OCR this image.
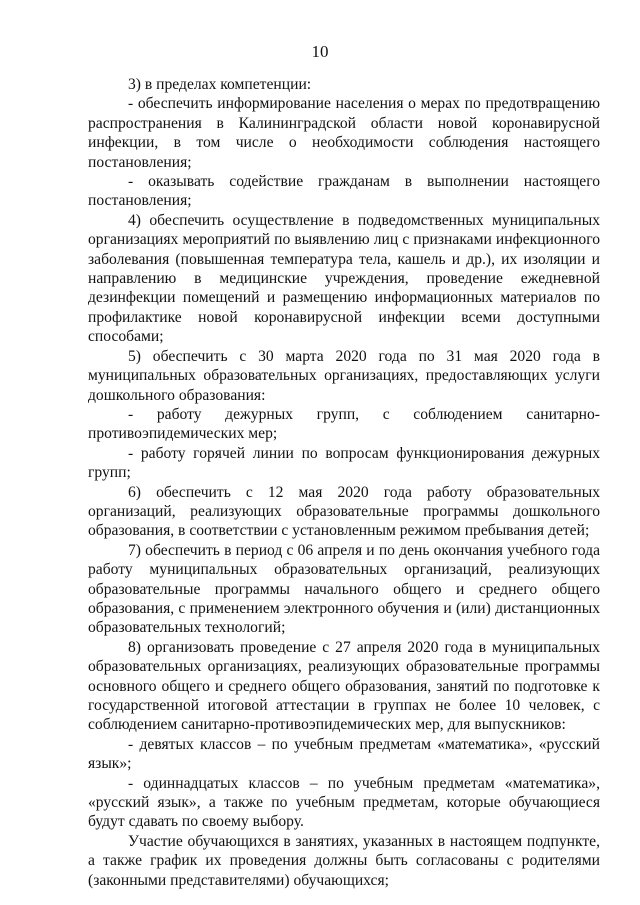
10

3) в пределах компетенции:

- обеспечить информирование населения о мерах по предотвращению распространения в Калининградской области новой коронавирусной инфекции, в том числе о необходимости соблюдения настоящего постановления;

- оказывать содействие гражданам в выполнении настоящего постановления;

4) обеспечить осуществление в подведомственных муниципальных организациях мероприятий по выявлению лиц с признаками инфекционного заболевания (повышенная температура тела, кашель и др.), их изоляции и направлению в медицинские учреждения, проведение ежедневной дезинфекции помещений и размещению информационных материалов по профилактике новой коронавирусной инфекции всеми доступными способами;

5) обеспечить с 30 марта 2020 года по 31 мая 2020 года в муниципальных образовательных организациях, предоставляющих услуги дошкольного образования:

- работу дежурных групп, с соблюдением санитарно-противоэпидемических мер;

- работу горячей линии по вопросам функционирования дежурных групп;

6) обеспечить с 12 мая 2020 года работу образовательных организаций, реализующих образовательные программы дошкольного образования, в соответствии с установленным режимом пребывания детей;

7) обеспечить в период с 06 апреля и по день окончания учебного года работу муниципальных образовательных организаций, реализующих образовательные программы начального общего и среднего общего образования, с применением электронного обучения и (или) дистанционных образовательных технологий;

8) организовать проведение с 27 апреля 2020 года в муниципальных образовательных организациях, реализующих образовательные программы основного общего и среднего общего образования, занятий по подготовке к государственной итоговой аттестации в группах не более 10 человек, с соблюдением санитарно-противоэпидемических мер, для выпускников:

- девятых классов – по учебным предметам «математика», «русский язык»;

- одиннадцатых классов – по учебным предметам «математика», «русский язык», а также по учебным предметам, которые обучающиеся будут сдавать по своему выбору.

Участие обучающихся в занятиях, указанных в настоящем подпункте, а также график их проведения должны быть согласованы с родителями (законными представителями) обучающихся;
